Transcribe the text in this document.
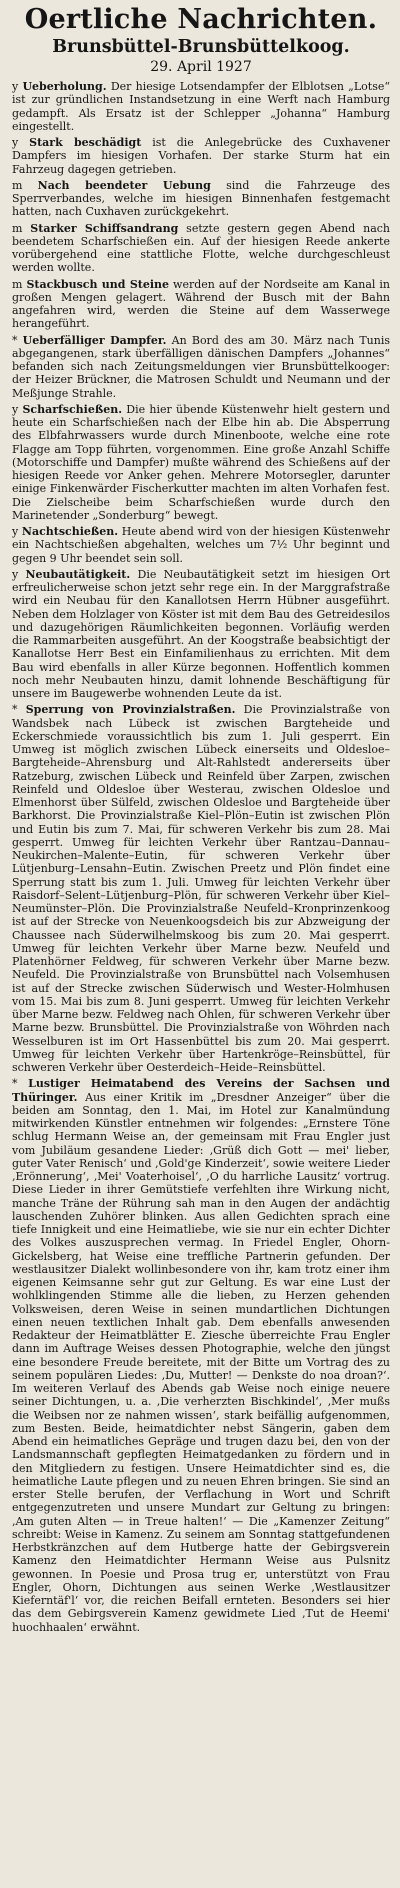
Oertliche Nachrichten.
Brunsbüttel-Brunsbüttelkoog.
29. April 1927

y Ueberholung. Der hiesige Lotsendampfer der Elblotsen „Lotse“ ist zur gründlichen Instandsetzung in eine Werft nach Hamburg gedampft. Als Ersatz ist der Schlepper „Johanna“ Hamburg eingestellt.

y Stark beschädigt ist die Anlegebrücke des Cuxhavener Dampfers im hiesigen Vorhafen. Der starke Sturm hat ein Fahrzeug dagegen getrieben.

m Nach beendeter Uebung sind die Fahrzeuge des Sperrverbandes, welche im hiesigen Binnenhafen festgemacht hatten, nach Cuxhaven zurückgekehrt.

m Starker Schiffsandrang setzte gestern gegen Abend nach beendetem Scharfschießen ein. Auf der hiesigen Reede ankerte vorübergehend eine stattliche Flotte, welche durchgeschleust werden wollte.

m Stackbusch und Steine werden auf der Nordseite am Kanal in großen Mengen gelagert. Während der Busch mit der Bahn angefahren wird, werden die Steine auf dem Wasserwege herangeführt.

* Ueberfälliger Dampfer. An Bord des am 30. März nach Tunis abgegangenen, stark überfälligen dänischen Dampfers „Johannes“ befanden sich nach Zeitungsmeldungen vier Brunsbüttelkooger: der Heizer Brückner, die Matrosen Schuldt und Neumann und der Meßjunge Strahle.

y Scharfschießen. Die hier übende Küstenwehr hielt gestern und heute ein Scharfschießen nach der Elbe hin ab. Die Absperrung des Elbfahrwassers wurde durch Minenboote, welche eine rote Flagge am Topp führten, vorgenommen. Eine große Anzahl Schiffe (Motorschiffe und Dampfer) mußte während des Schießens auf der hiesigen Reede vor Anker gehen. Mehrere Motorsegler, darunter einige Finkenwärder Fischerkutter machten im alten Vorhafen fest. Die Zielscheibe beim Scharfschießen wurde durch den Marinetender „Sonderburg“ bewegt.

y Nachtschießen. Heute abend wird von der hiesigen Küstenwehr ein Nachtschießen abgehalten, welches um 7½ Uhr beginnt und gegen 9 Uhr beendet sein soll.

y Neubautätigkeit. Die Neubautätigkeit setzt im hiesigen Ort erfreulicherweise schon jetzt sehr rege ein. In der Marggrafstraße wird ein Neubau für den Kanallotsen Herrn Hübner ausgeführt. Neben dem Holzlager von Köster ist mit dem Bau des Getreidesilos und dazugehörigen Räumlichkeiten begonnen. Vorläufig werden die Rammarbeiten ausgeführt. An der Koogstraße beabsichtigt der Kanallotse Herr Best ein Einfamilienhaus zu errichten. Mit dem Bau wird ebenfalls in aller Kürze begonnen. Hoffentlich kommen noch mehr Neubauten hinzu, damit lohnende Beschäftigung für unsere im Baugewerbe wohnenden Leute da ist.

* Sperrung von Provinzialstraßen. Die Provinzialstraße von Wandsbek nach Lübeck ist zwischen Bargteheide und Eckerschmiede voraussichtlich bis zum 1. Juli gesperrt. Ein Umweg ist möglich zwischen Lübeck einerseits und Oldesloe–Bargteheide–Ahrensburg und Alt-Rahlstedt andererseits über Ratzeburg, zwischen Lübeck und Reinfeld über Zarpen, zwischen Reinfeld und Oldesloe über Westerau, zwischen Oldesloe und Elmenhorst über Sülfeld, zwischen Oldesloe und Bargteheide über Barkhorst. Die Provinzialstraße Kiel–Plön–Eutin ist zwischen Plön und Eutin bis zum 7. Mai, für schweren Verkehr bis zum 28. Mai gesperrt. Umweg für leichten Verkehr über Rantzau–Dannau–Neukirchen–Malente–Eutin, für schweren Verkehr über Lütjenburg–Lensahn–Eutin. Zwischen Preetz und Plön findet eine Sperrung statt bis zum 1. Juli. Umweg für leichten Verkehr über Raisdorf–Selent–Lütjenburg–Plön, für schweren Verkehr über Kiel–Neumünster–Plön. Die Provinzialstraße Neufeld–Kronprinzenkoog ist auf der Strecke von Neuenkoogsdeich bis zur Abzweigung der Chaussee nach Süderwilhelmskoog bis zum 20. Mai gesperrt. Umweg für leichten Verkehr über Marne bezw. Neufeld und Platenhörner Feldweg, für schweren Verkehr über Marne bezw. Neufeld. Die Provinzialstraße von Brunsbüttel nach Volsemhusen ist auf der Strecke zwischen Süderwisch und Wester-Holmhusen vom 15. Mai bis zum 8. Juni gesperrt. Umweg für leichten Verkehr über Marne bezw. Feldweg nach Ohlen, für schweren Verkehr über Marne bezw. Brunsbüttel. Die Provinzialstraße von Wöhrden nach Wesselburen ist im Ort Hassenbüttel bis zum 20. Mai gesperrt. Umweg für leichten Verkehr über Hartenkröge–Reinsbüttel, für schweren Verkehr über Oesterdeich–Heide–Reinsbüttel.

* Lustiger Heimatabend des Vereins der Sachsen und Thüringer. Aus einer Kritik im „Dresdner Anzeiger“ über die beiden am Sonntag, den 1. Mai, im Hotel zur Kanalmündung mitwirkenden Künstler entnehmen wir folgendes: „Ernstere Töne schlug Hermann Weise an, der gemeinsam mit Frau Engler just vom Jubiläum gesandene Lieder: ‚Grüß dich Gott — mei' lieber, guter Vater Renisch‘ und ‚Gold'ge Kinderzeit‘, sowie weitere Lieder ‚Erönnerung‘, ‚Mei' Voaterhoisel‘, ‚O du harrliche Lausitz‘ vortrug. Diese Lieder in ihrer Gemütstiefe verfehlten ihre Wirkung nicht, manche Träne der Rührung sah man in den Augen der andächtig lauschenden Zuhörer blinken. Aus allen Gedichten sprach eine tiefe Innigkeit und eine Heimatliebe, wie sie nur ein echter Dichter des Volkes auszusprechen vermag. In Friedel Engler, Ohorn-Gickelsberg, hat Weise eine treffliche Partnerin gefunden. Der westlausitzer Dialekt wollinbesondere von ihr, kam trotz einer ihm eigenen Keimsanne sehr gut zur Geltung. Es war eine Lust der wohlklingenden Stimme alle die lieben, zu Herzen gehenden Volksweisen, deren Weise in seinen mundartlichen Dichtungen einen neuen textlichen Inhalt gab. Dem ebenfalls anwesenden Redakteur der Heimatblätter E. Ziesche überreichte Frau Engler dann im Auftrage Weises dessen Photographie, welche den jüngst eine besondere Freude bereitete, mit der Bitte um Vortrag des zu seinem populären Liedes: ‚Du, Mutter! — Denkste do noa droan?‘. Im weiteren Verlauf des Abends gab Weise noch einige neuere seiner Dichtungen, u. a. ‚Die verherzten Bischkindel‘, ‚Mer mußs die Weibsen nor ze nahmen wissen‘, stark beifällig aufgenommen, zum Besten. Beide, heimatdichter nebst Sängerin, gaben dem Abend ein heimatliches Gepräge und trugen dazu bei, den von der Landsmannschaft gepflegten Heimatgedanken zu fördern und in den Mitgliedern zu festigen. Unsere Heimatdichter sind es, die heimatliche Laute pflegen und zu neuen Ehren bringen. Sie sind an erster Stelle berufen, der Verflachung in Wort und Schrift entgegenzutreten und unsere Mundart zur Geltung zu bringen: ‚Am guten Alten — in Treue halten!‘ — Die „Kamenzer Zeitung“ schreibt: Weise in Kamenz. Zu seinem am Sonntag stattgefundenen Herbstkränzchen auf dem Hutberge hatte der Gebirgsverein Kamenz den Heimatdichter Hermann Weise aus Pulsnitz gewonnen. In Poesie und Prosa trug er, unterstützt von Frau Engler, Ohorn, Dichtungen aus seinen Werke ‚Westlausitzer Kieferntäf'l‘ vor, die reichen Beifall ernteten. Besonders sei hier das dem Gebirgsverein Kamenz gewidmete Lied ‚Tut de Heemi' huochhaalen‘ erwähnt.
